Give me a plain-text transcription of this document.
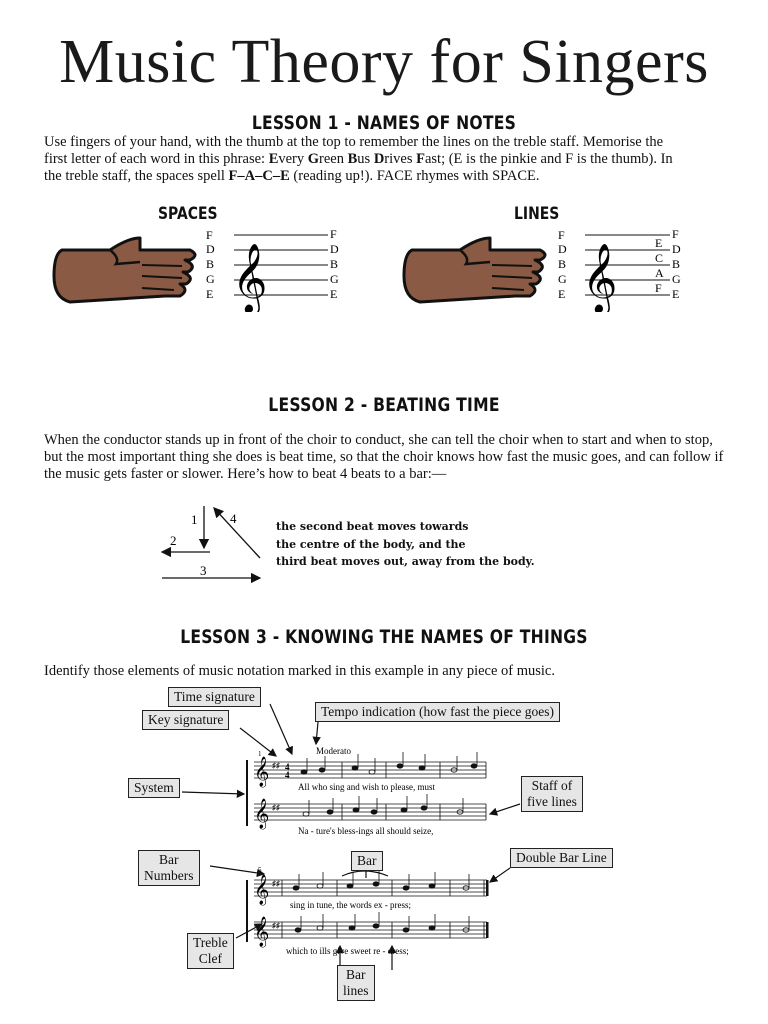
Music Theory for Singers
LESSON 1 - NAMES OF NOTES
Use fingers of your hand, with the thumb at the top to remember the lines on the treble staff. Memorise the
first letter of each word in this phrase: Every Green Bus Drives Fast; (E is the pinkie and F is the thumb). In
the treble staff, the spaces spell F–A–C–E (reading up!). FACE rhymes with SPACE.
SPACES	LINES
𝄞	𝄞
F
D
B
G
E
F
D
B
G
E
F
D
B
G
E
E
C
A
F
F
D
B
G
E
LESSON 2 - BEATING TIME
When the conductor stands up in front of the choir to conduct, she can tell the choir when to start and when to stop, but the most important thing she does is beat time, so that the choir knows how fast the music goes, and can follow if the music gets faster or slower. Here’s how to beat 4 beats to a bar:—
1
2
3
4
the second beat moves towards
the centre of the body, and the
third beat moves out, away from the body.
LESSON 3 - KNOWING THE NAMES OF THINGS
Identify those elements of music notation marked in this example in any piece of music.
Moderato
1
𝄞
𝄞
♯♯
♯♯
4
4
All who sing and wish to please, must
Na - ture's bless-ings all should seize,
5
𝄞
𝄞
♯♯
♯♯
sing in tune, the words ex - press;
which to ills give sweet re - dress;
Time signature
Key signature
Tempo indication (how fast the piece goes)
System	Staff of
five lines
Bar
Numbers
Bar	Double Bar Line
Treble
Clef
Bar
lines
